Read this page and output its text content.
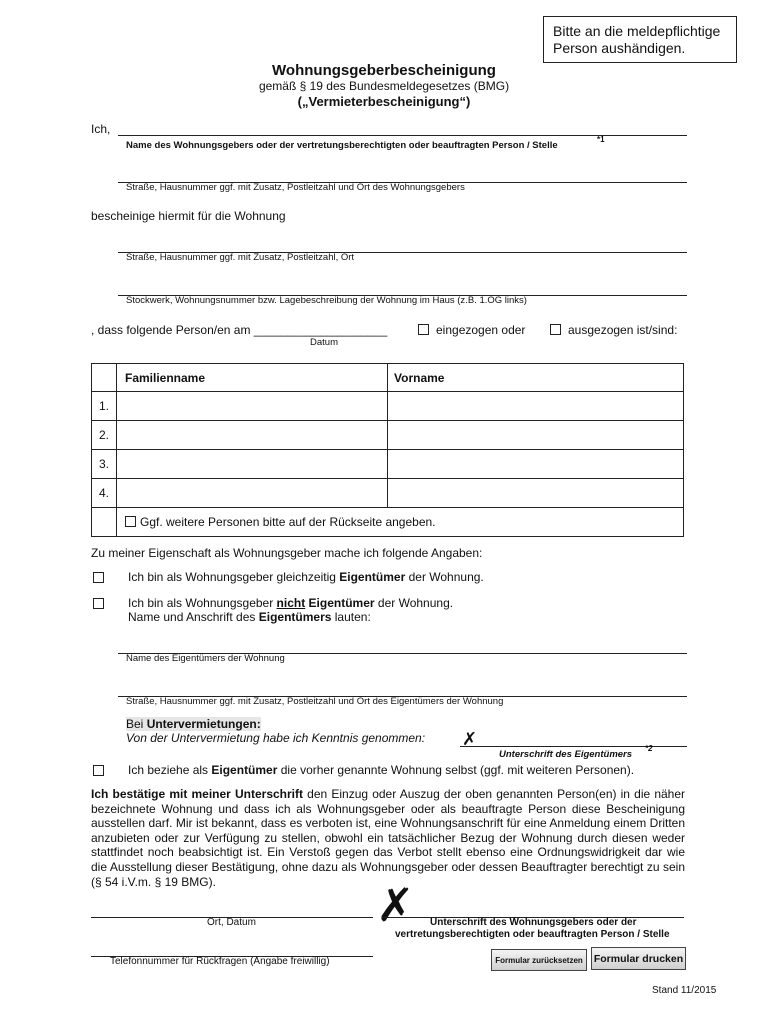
Bitte an die meldepflichtige Person aushändigen.
Wohnungsgeberbescheinigung
gemäß § 19 des Bundesmeldegesetzes (BMG)
(„Vermieterbescheinigung“)
Ich,
Name des Wohnungsgebers oder der vertretungsberechtigten oder beauftragten Person / Stelle
*1
Straße, Hausnummer ggf. mit Zusatz, Postleitzahl und Ort des Wohnungsgebers
bescheinige hiermit für die Wohnung
Straße, Hausnummer ggf. mit Zusatz, Postleitzahl, Ort
Stockwerk, Wohnungsnummer bzw. Lagebeschreibung der Wohnung im Haus (z.B. 1.OG links)
, dass folgende Person/en am ____________________
Datum
eingezogen oder	ausgezogen ist/sind:
	Familienname	Vorname
1.		
2.		
3.		
4.		
	Ggf. weitere Personen bitte auf der Rückseite angeben.	
Zu meiner Eigenschaft als Wohnungsgeber mache ich folgende Angaben:
Ich bin als Wohnungsgeber gleichzeitig Eigentümer der Wohnung.
Ich bin als Wohnungsgeber nicht Eigentümer der Wohnung.
Name und Anschrift des Eigentümers lauten:
Name des Eigentümers der Wohnung
Straße, Hausnummer ggf. mit Zusatz, Postleitzahl und Ort des Eigentümers der Wohnung
Bei Untervermietungen:
Von der Untervermietung habe ich Kenntnis genommen: ✗
Unterschrift des Eigentümers
*2
Ich beziehe als Eigentümer die vorher genannte Wohnung selbst (ggf. mit weiteren Personen).
Ich bestätige mit meiner Unterschrift den Einzug oder Auszug der oben genannten Person(en) in die näher bezeichnete Wohnung und dass ich als Wohnungsgeber oder als beauftragte Person diese Bescheinigung ausstellen darf. Mir ist bekannt, dass es verboten ist, eine Wohnungsanschrift für eine Anmeldung einem Dritten anzubieten oder zur Verfügung zu stellen, obwohl ein tatsächlicher Bezug der Wohnung durch diesen weder stattfindet noch beabsichtigt ist. Ein Verstoß gegen das Verbot stellt ebenso eine Ordnungswidrigkeit dar wie die Ausstellung dieser Bestätigung, ohne dazu als Wohnungsgeber oder dessen Beauftragter berechtigt zu sein (§ 54 i.V.m. § 19 BMG).
Ort, Datum	✗ Unterschrift des Wohnungsgebers oder der
vertretungsberechtigten oder beauftragten Person / Stelle
Telefonnummer für Rückfragen (Angabe freiwillig)	Formular zurücksetzen	Formular drucken
Stand 11/2015
